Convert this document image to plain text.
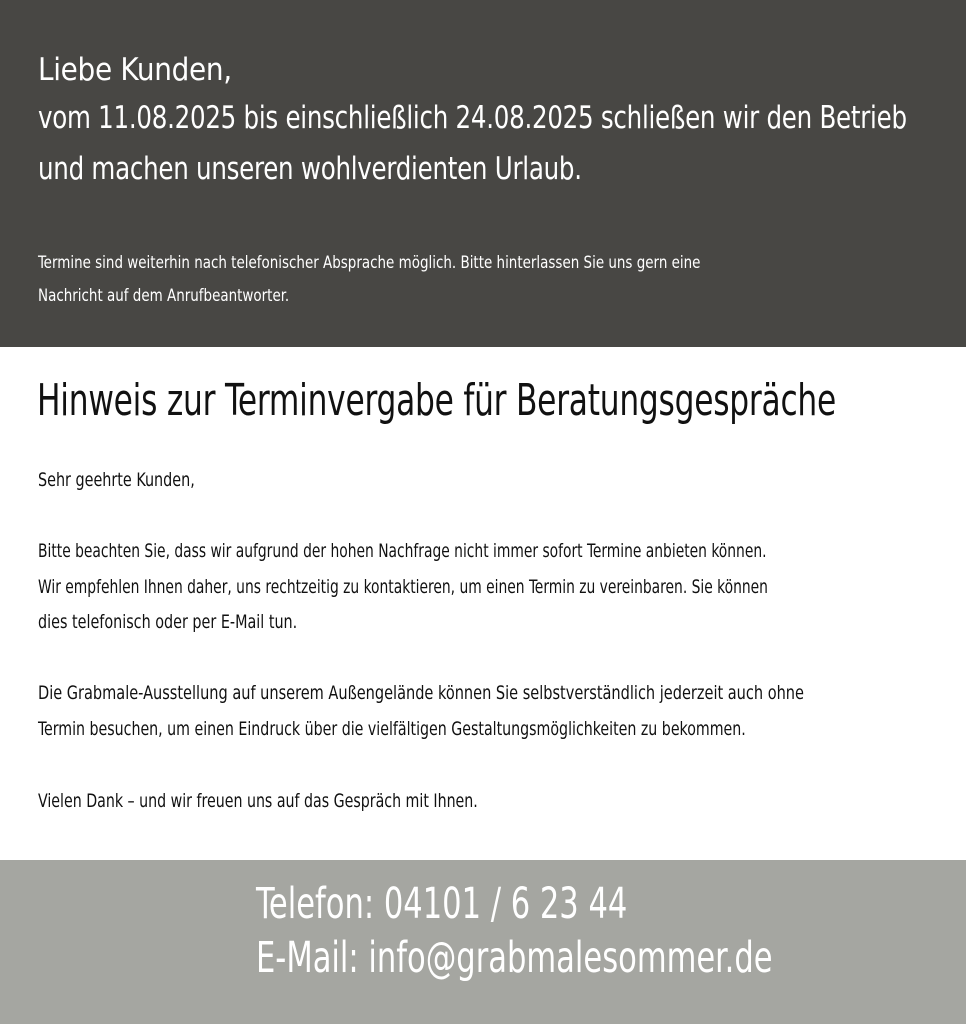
Liebe Kunden,
vom 11.08.2025 bis einschließlich 24.08.2025 schließen wir den Betrieb
und machen unseren wohlverdienten Urlaub.
Termine sind weiterhin nach telefonischer Absprache möglich. Bitte hinterlassen Sie uns gern eine
Nachricht auf dem Anrufbeantworter.
Hinweis zur Terminvergabe für Beratungsgespräche
Sehr geehrte Kunden,
Bitte beachten Sie, dass wir aufgrund der hohen Nachfrage nicht immer sofort Termine anbieten können.
Wir empfehlen Ihnen daher, uns rechtzeitig zu kontaktieren, um einen Termin zu vereinbaren. Sie können
dies telefonisch oder per E-Mail tun.
Die Grabmale-Ausstellung auf unserem Außengelände können Sie selbstverständlich jederzeit auch ohne
Termin besuchen, um einen Eindruck über die vielfältigen Gestaltungsmöglichkeiten zu bekommen.
Vielen Dank – und wir freuen uns auf das Gespräch mit Ihnen.
Telefon: 04101 / 6 23 44
E-Mail: info@grabmalesommer.de
